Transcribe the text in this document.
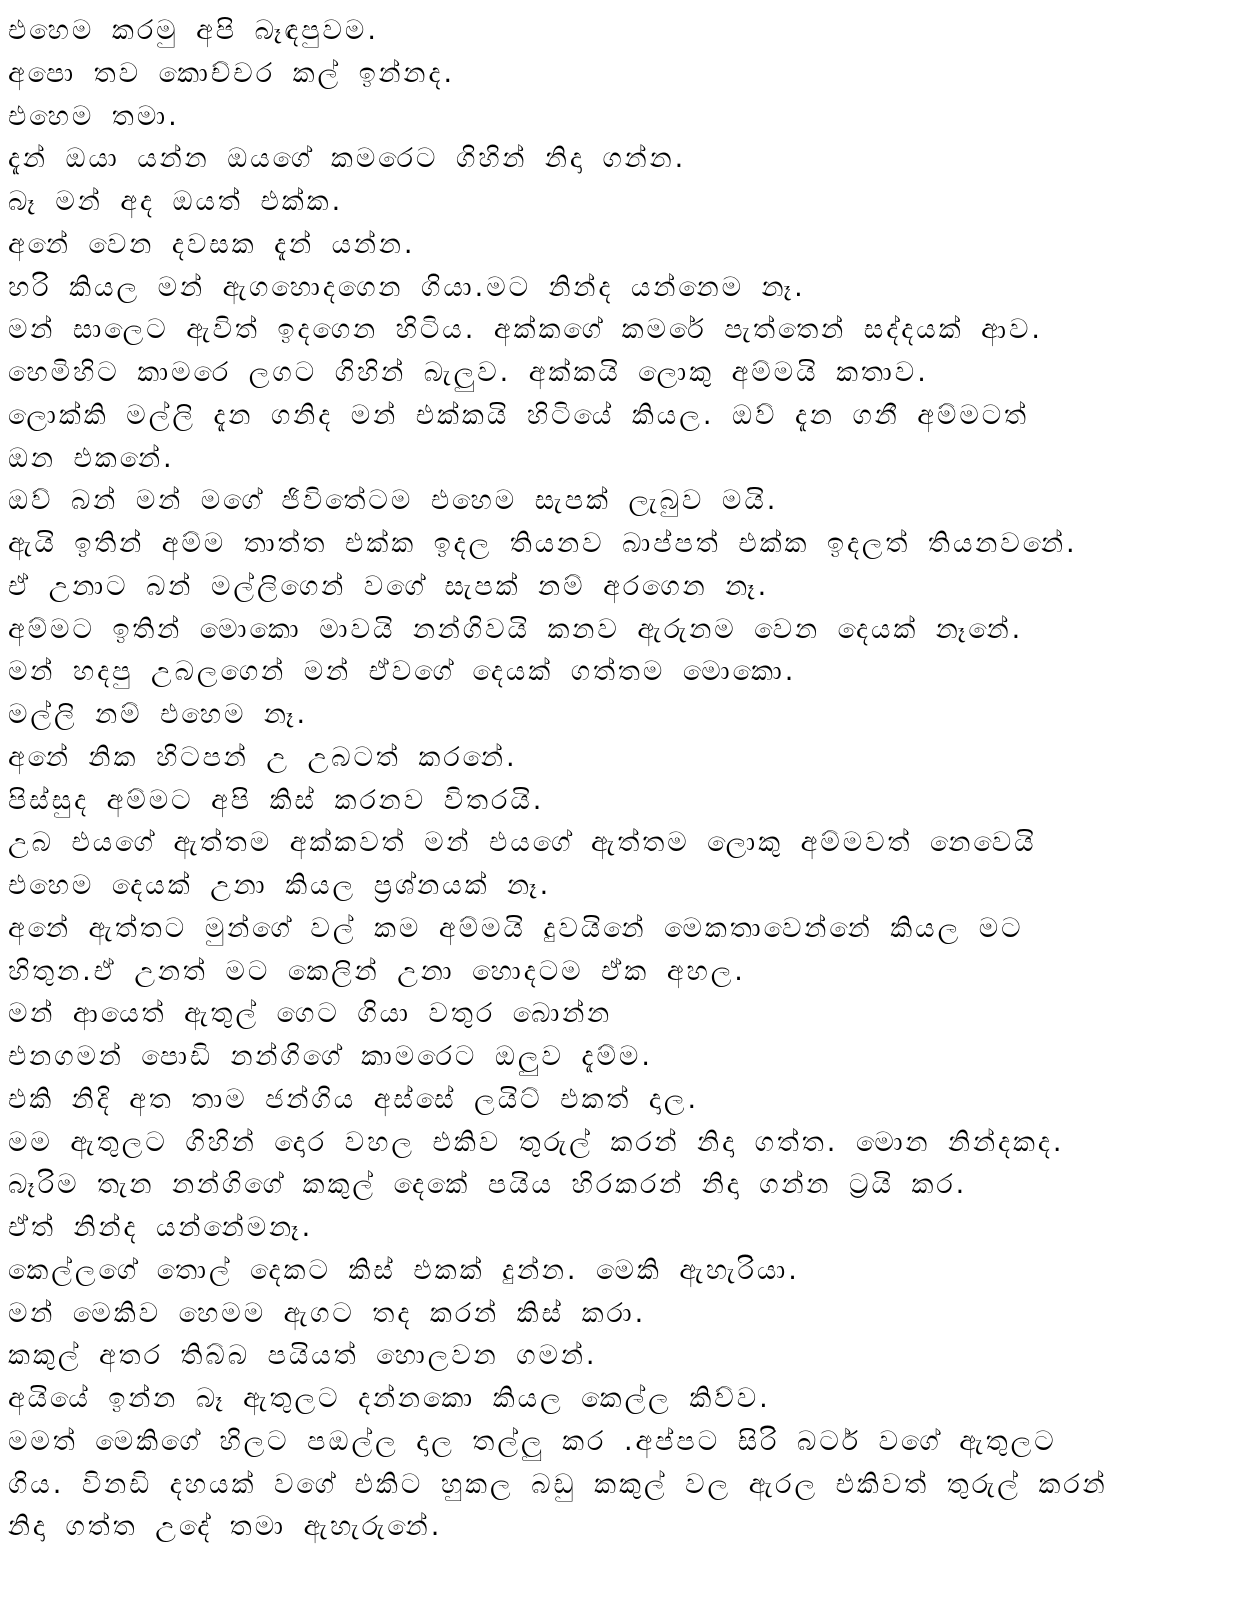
එහෙම කරමු අපි බෑඳපුවම.
අපො තව කොච්චර කල් ඉන්නද.
එහෙම තමා.
දැන් ඔයා යන්න ඔයගේ කමරෙට ගිහින් නිදා ගන්න.
බෑ මන් අද ඔයත් එක්ක.
අනේ වෙන දවසක දැන් යන්න.
හරි කියල මන් ඇගහොදගෙන ගියා.මට නින්ද යන්නෙම නෑ.
මන් සාලෙට ඇවිත් ඉදගෙන හිටිය. අක්කගේ කමරේ පැත්තෙන් සද්දයක් ආව.
හෙමිහිට කාමරෙ ලගට ගිහින් බැලුව. අක්කයි ලොකු අම්මයි කතාව.
ලොක්කි මල්ලි දැන ගනිද මන් එක්කයි හිටියේ කියල. ඔව් දැන ගනී අම්මටත්
ඔන එකනේ.
ඔව් බන් මන් මගේ ජිවිතේටම එහෙම සැපක් ලැබුව මයි.
ඇයි ඉතින් අම්ම තාත්ත එක්ක ඉදල තියනව බාප්පත් එක්ක ඉදලත් තියනවනේ.
ඒ උනාට බන් මල්ලිගෙන් වගේ සැපක් නම් අරගෙන නෑ.
අම්මට ඉතින් මොකො මාවයි නන්ගිවයි කනව ඇරුනම වෙන දෙයක් නෑනේ.
මන් හදපු උබලගෙන් මන් ඒවගේ දෙයක් ගත්තම මොකො.
මල්ලි නම් එහෙම නෑ.
අනේ නික හිටපන් උ උබටත් කරනේ.
පිස්සුද අම්මට අපි කිස් කරනව විතරයි.
උබ එයගේ ඇත්තම අක්කවත් මන් එයගේ ඇත්තම ලොකු අම්මවත් නෙවෙයි
එහෙම දෙයක් උනා කියල ප්‍රශ්නයක් නෑ.
අනේ ඇත්තට මුන්ගේ වල් කම අම්මයි දුවයිනේ මෙකතාවෙන්නේ කියල මට
හිතුන.ඒ උනත් මට කෙලින් උනා හොදටම ඒක අහල.
මන් ආයෙත් ඇතුල් ගෙට ගියා වතුර බොන්න
එනගමන් පොඩි නන්ගිගේ කාමරෙට ඔලුව දැම්ම.
එකි නිදි අත තාම ජන්ගිය අස්සේ ලයිට් එකත් දාල.
මම ඇතුලට ගිහින් දොර වහල එකිව තුරුල් කරන් නිදා ගත්ත. මොන නින්දකද.
බෑරිම තැන නන්ගිගේ කකුල් දෙකේ පයිය හිරකරන් නිදා ගන්න ට්‍රයි කර.
ඒත් නින්ද යන්නේමනෑ.
කෙල්ලගේ තොල් දෙකට කිස් එකක් දුන්න. මෙකි ඇහැරියා.
මන් මෙකිව හෙමම ඇගට තද කරන් කිස් කරා.
කකුල් අතර තිබ්බ පයියත් හොලවන ගමන්.
අයියේ ඉන්න බෑ ඇතුලට දන්නකො කියල කෙල්ල කිව්ව.
මමත් මෙකිගේ හිලට පඔල්ල දාල තල්ලු කර .අප්පට සිරි බටර් වගේ ඇතුලට
ගිය. විනඩි දහයක් වගේ එකිට හුකල බඩු කකුල් වල ඇරල එකිවත් තුරුල් කරන්
නිදා ගත්ත උදේ තමා ඇහැරුනේ.
